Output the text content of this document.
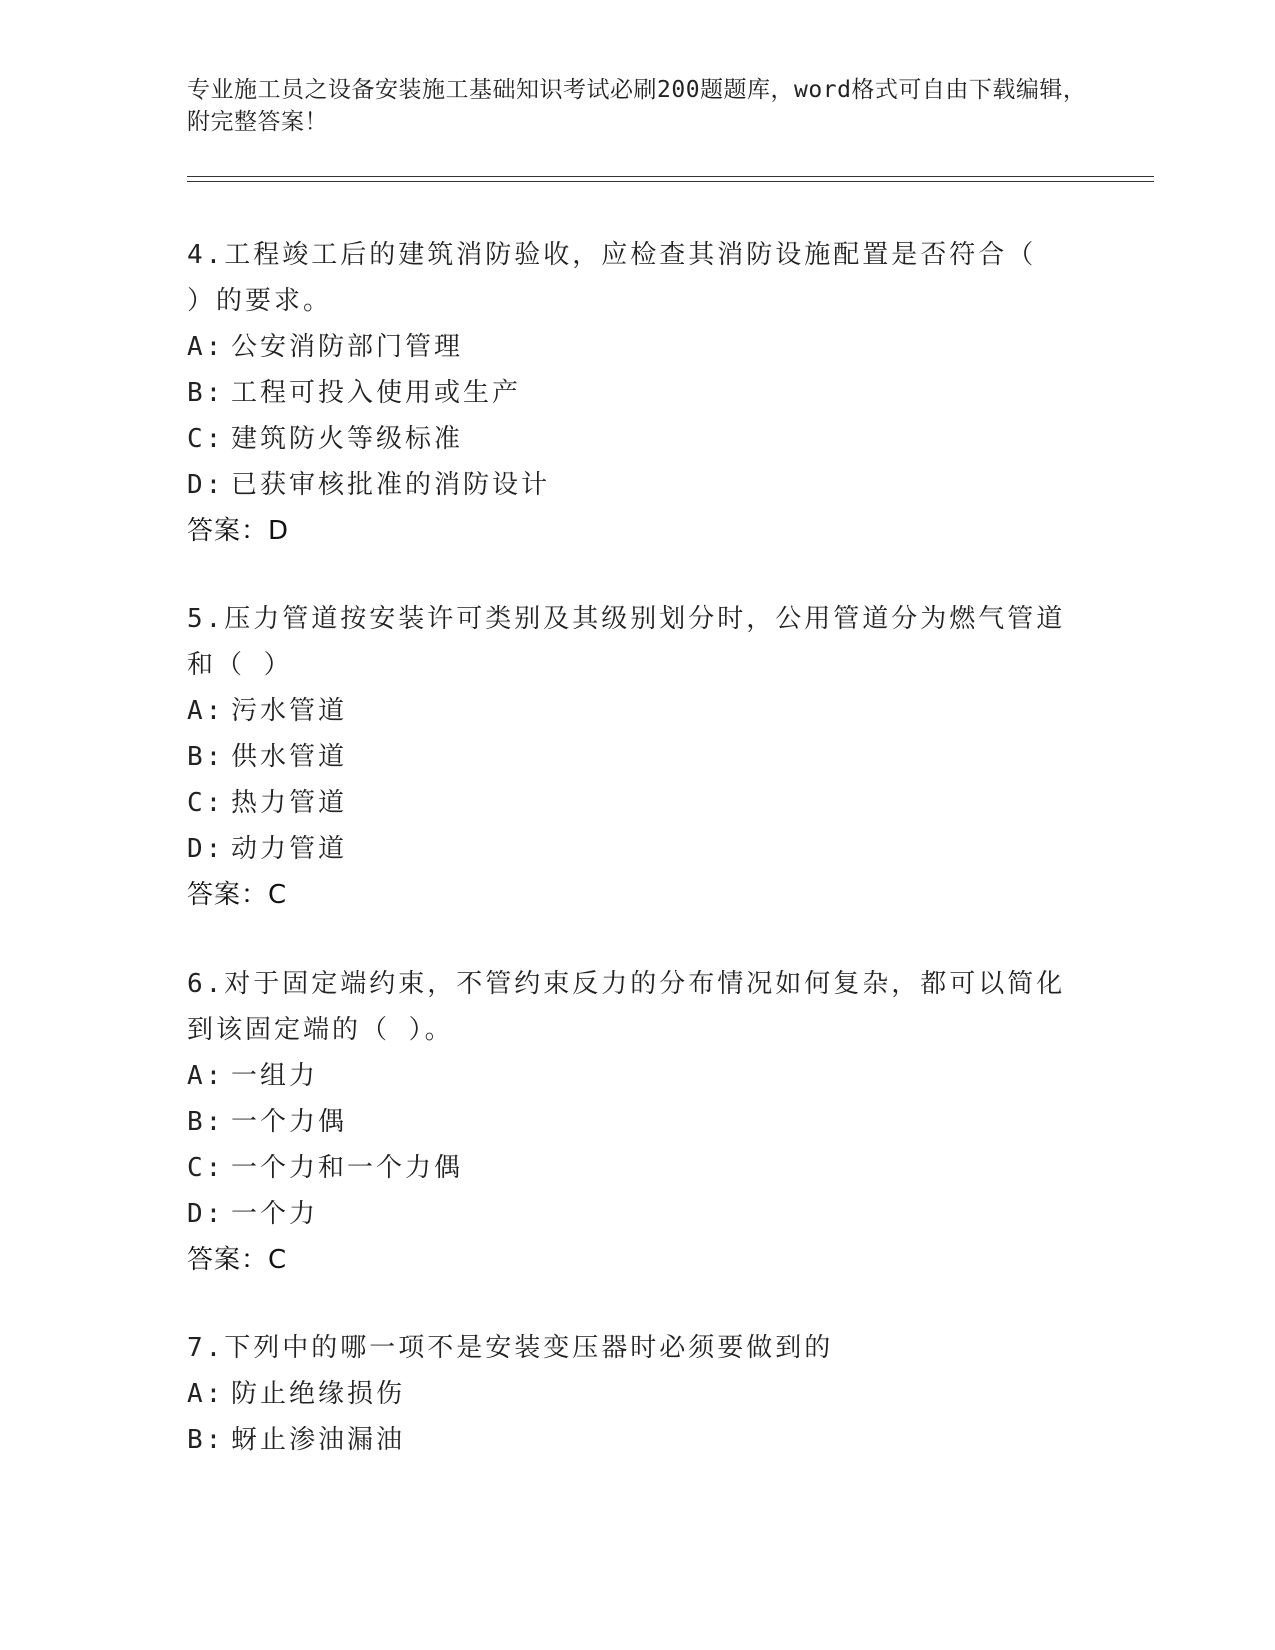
专业施工员之设备安装施工基础知识考试必刷200题题库，word格式可自由下载编辑，附完整答案！

4.工程竣工后的建筑消防验收，应检查其消防设施配置是否符合（ ）的要求。

A: 公安消防部门管理

B: 工程可投入使用或生产

C: 建筑防火等级标准

D: 已获审核批准的消防设计

答案：D

5.压力管道按安装许可类别及其级别划分时，公用管道分为燃气管道和（ ）

A: 污水管道

B: 供水管道

C: 热力管道

D: 动力管道

答案：C

6.对于固定端约束，不管约束反力的分布情况如何复杂，都可以简化到该固定端的（ ）。

A: 一组力

B: 一个力偶

C: 一个力和一个力偶

D: 一个力

答案：C

7.下列中的哪一项不是安装变压器时必须要做到的

A: 防止绝缘损伤

B: 蚜止渗油漏油
